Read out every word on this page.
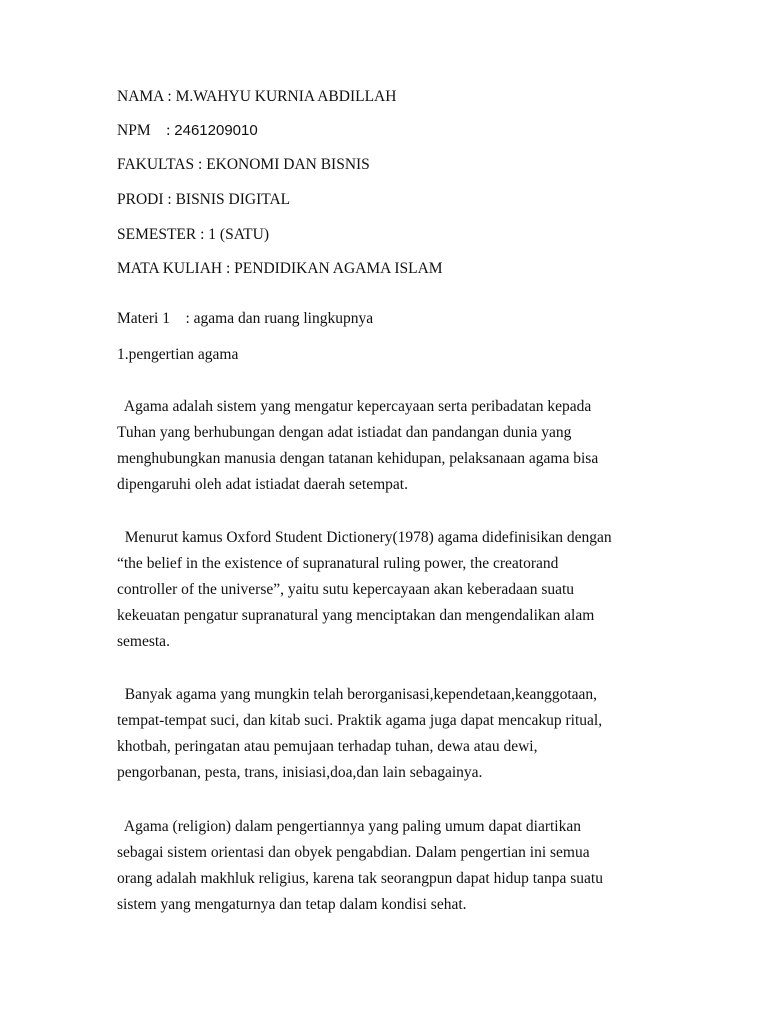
NAMA : M.WAHYU KURNIA ABDILLAH
NPM    : 2461209010
FAKULTAS : EKONOMI DAN BISNIS
PRODI : BISNIS DIGITAL
SEMESTER : 1 (SATU)
MATA KULIAH : PENDIDIKAN AGAMA ISLAM
Materi 1    : agama dan ruang lingkupnya
1.pengertian agama
Agama adalah sistem yang mengatur kepercayaan serta peribadatan kepada
Tuhan yang berhubungan dengan adat istiadat dan pandangan dunia yang
menghubungkan manusia dengan tatanan kehidupan, pelaksanaan agama bisa
dipengaruhi oleh adat istiadat daerah setempat.
Menurut kamus Oxford Student Dictionery(1978) agama didefinisikan dengan
“the belief in the existence of supranatural ruling power, the creatorand
controller of the universe”, yaitu sutu kepercayaan akan keberadaan suatu
kekeuatan pengatur supranatural yang menciptakan dan mengendalikan alam
semesta.
Banyak agama yang mungkin telah berorganisasi,kependetaan,keanggotaan,
tempat-tempat suci, dan kitab suci. Praktik agama juga dapat mencakup ritual,
khotbah, peringatan atau pemujaan terhadap tuhan, dewa atau dewi,
pengorbanan, pesta, trans, inisiasi,doa,dan lain sebagainya.
Agama (religion) dalam pengertiannya yang paling umum dapat diartikan
sebagai sistem orientasi dan obyek pengabdian. Dalam pengertian ini semua
orang adalah makhluk religius, karena tak seorangpun dapat hidup tanpa suatu
sistem yang mengaturnya dan tetap dalam kondisi sehat.
